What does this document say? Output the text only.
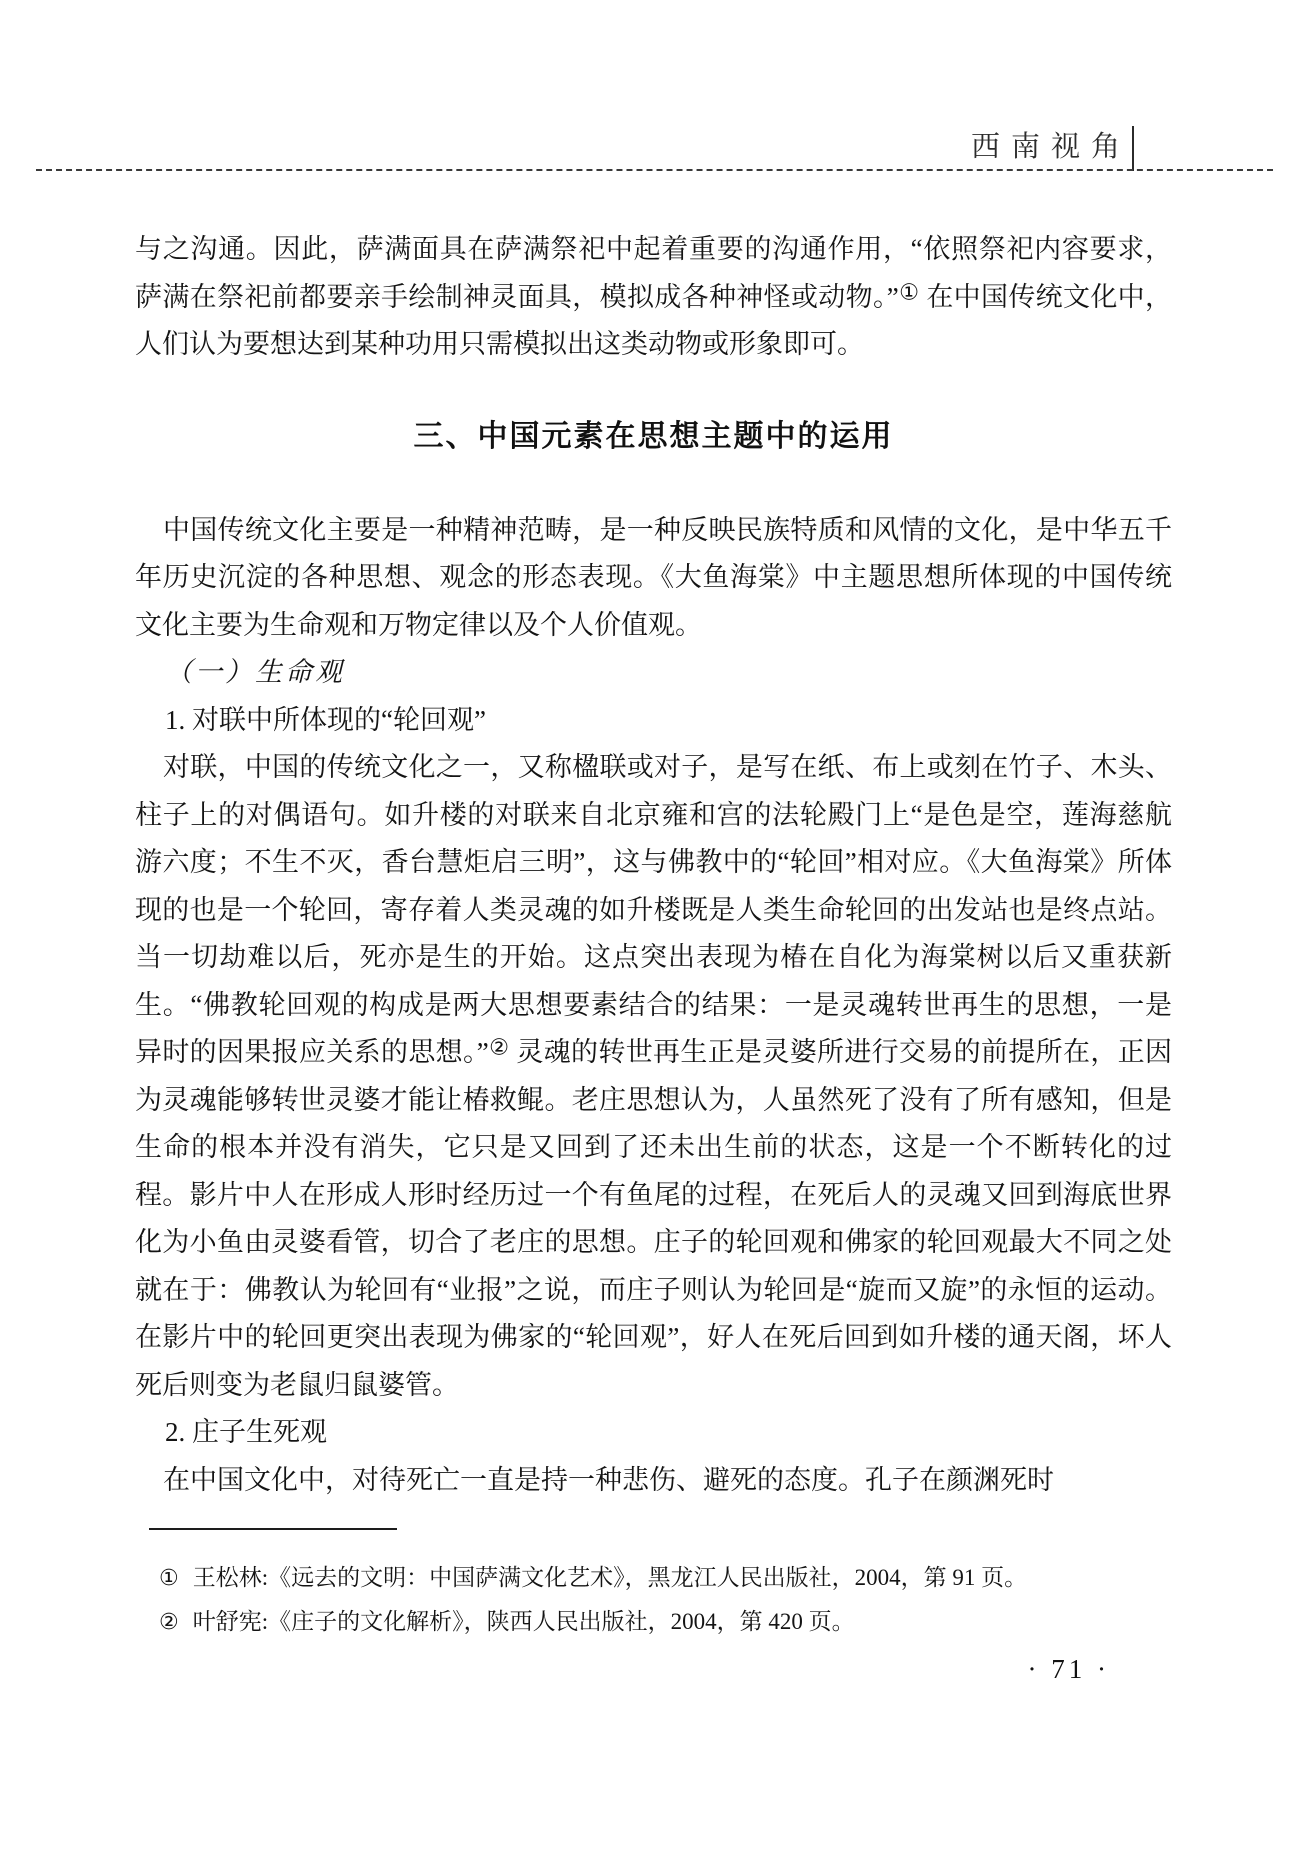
西南视角

与之沟通。因此，萨满面具在萨满祭祀中起着重要的沟通作用，“依照祭祀内容要求，萨满在祭祀前都要亲手绘制神灵面具，模拟成各种神怪或动物。”① 在中国传统文化中，人们认为要想达到某种功用只需模拟出这类动物或形象即可。

三、中国元素在思想主题中的运用

中国传统文化主要是一种精神范畴，是一种反映民族特质和风情的文化，是中华五千年历史沉淀的各种思想、观念的形态表现。《大鱼海棠》中主题思想所体现的中国传统文化主要为生命观和万物定律以及个人价值观。

（一）生命观

1. 对联中所体现的“轮回观”

对联，中国的传统文化之一，又称楹联或对子，是写在纸、布上或刻在竹子、木头、柱子上的对偶语句。如升楼的对联来自北京雍和宫的法轮殿门上“是色是空，莲海慈航游六度；不生不灭，香台慧炬启三明”，这与佛教中的“轮回”相对应。《大鱼海棠》所体现的也是一个轮回，寄存着人类灵魂的如升楼既是人类生命轮回的出发站也是终点站。当一切劫难以后，死亦是生的开始。这点突出表现为椿在自化为海棠树以后又重获新生。“佛教轮回观的构成是两大思想要素结合的结果：一是灵魂转世再生的思想，一是异时的因果报应关系的思想。”② 灵魂的转世再生正是灵婆所进行交易的前提所在，正因为灵魂能够转世灵婆才能让椿救鲲。老庄思想认为，人虽然死了没有了所有感知，但是生命的根本并没有消失，它只是又回到了还未出生前的状态，这是一个不断转化的过程。影片中人在形成人形时经历过一个有鱼尾的过程，在死后人的灵魂又回到海底世界化为小鱼由灵婆看管，切合了老庄的思想。庄子的轮回观和佛家的轮回观最大不同之处就在于：佛教认为轮回有“业报”之说，而庄子则认为轮回是“旋而又旋”的永恒的运动。在影片中的轮回更突出表现为佛家的“轮回观”，好人在死后回到如升楼的通天阁，坏人死后则变为老鼠归鼠婆管。

2. 庄子生死观

在中国文化中，对待死亡一直是持一种悲伤、避死的态度。孔子在颜渊死时

① 王松林:《远去的文明：中国萨满文化艺术》，黑龙江人民出版社，2004，第 91 页。
② 叶舒宪:《庄子的文化解析》，陕西人民出版社，2004，第 420 页。
· 71 ·
